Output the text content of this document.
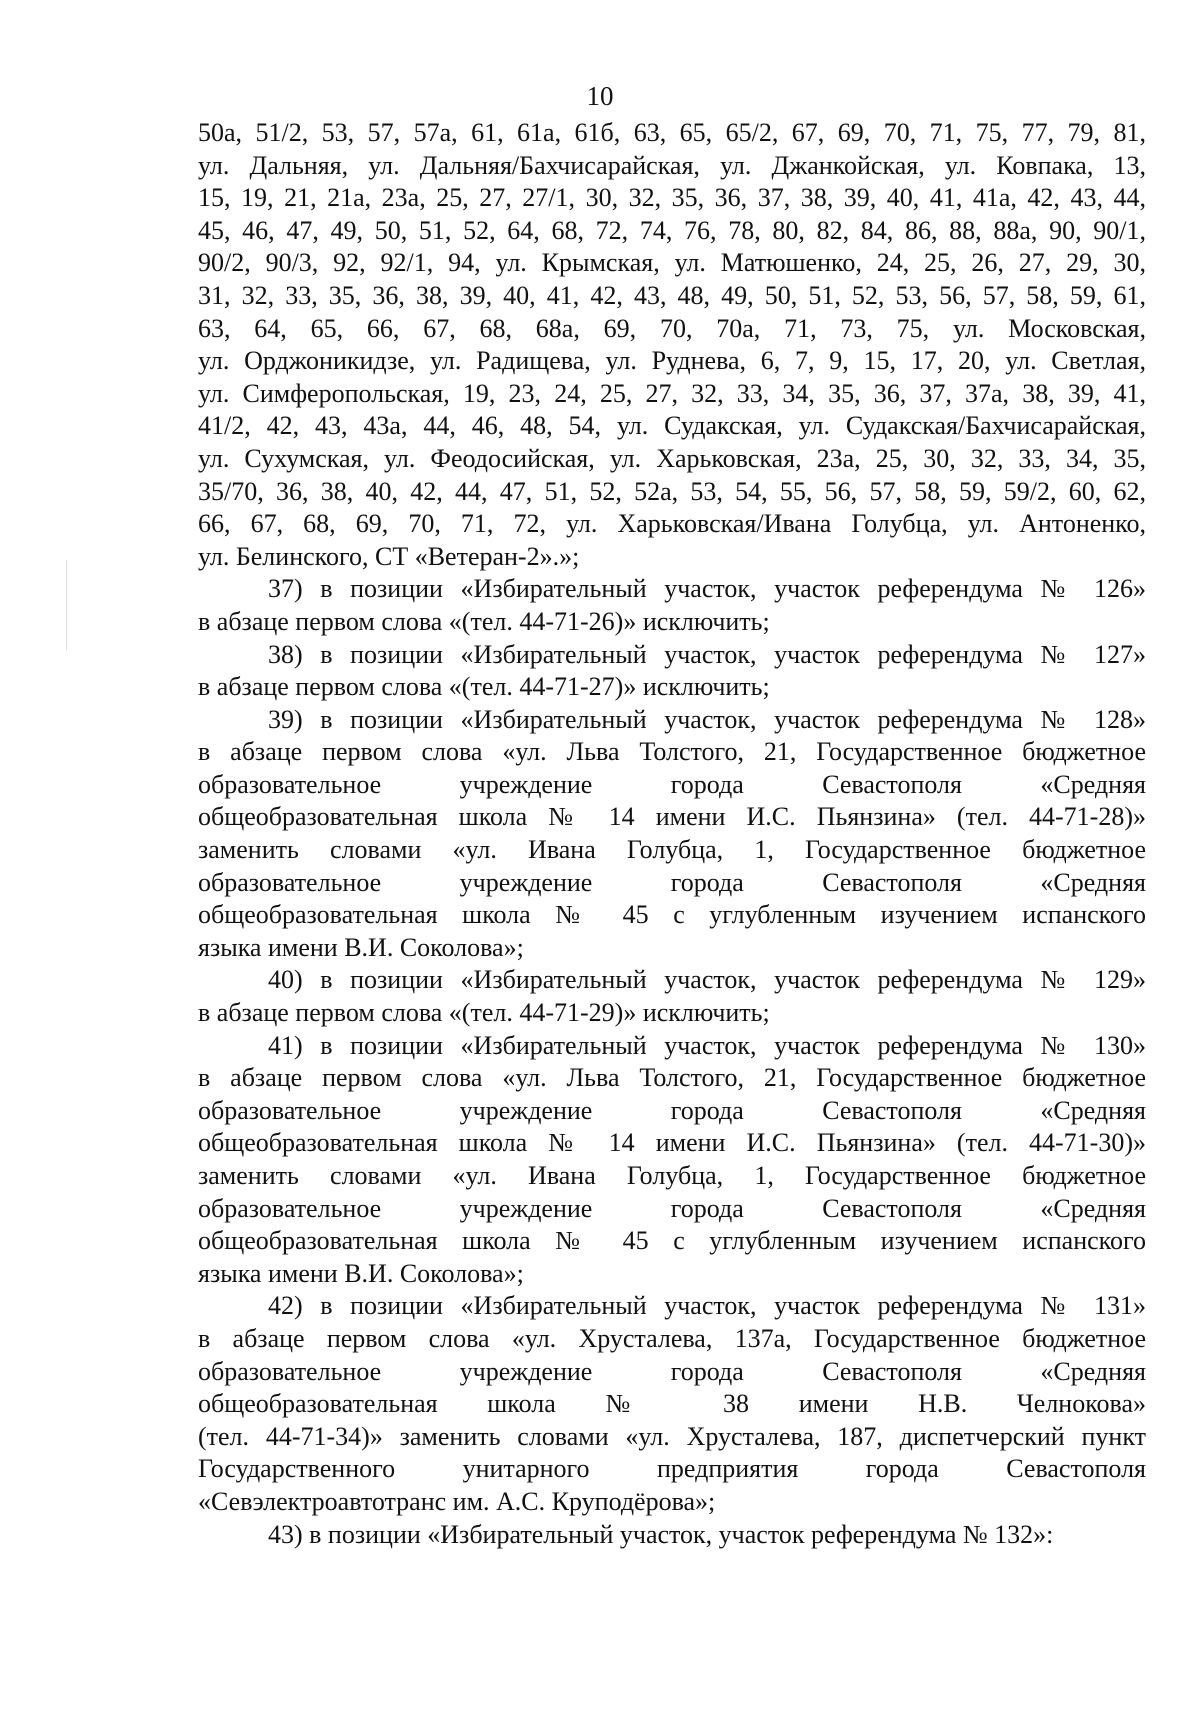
10
50а, 51/2, 53, 57, 57а, 61, 61а, 61б, 63, 65, 65/2, 67, 69, 70, 71, 75, 77, 79, 81,
ул. Дальняя, ул. Дальняя/Бахчисарайская, ул. Джанкойская, ул. Ковпака, 13,
15, 19, 21, 21а, 23а, 25, 27, 27/1, 30, 32, 35, 36, 37, 38, 39, 40, 41, 41а, 42, 43, 44,
45, 46, 47, 49, 50, 51, 52, 64, 68, 72, 74, 76, 78, 80, 82, 84, 86, 88, 88а, 90, 90/1,
90/2, 90/3, 92, 92/1, 94, ул. Крымская, ул. Матюшенко, 24, 25, 26, 27, 29, 30,
31, 32, 33, 35, 36, 38, 39, 40, 41, 42, 43, 48, 49, 50, 51, 52, 53, 56, 57, 58, 59, 61,
63, 64, 65, 66, 67, 68, 68а, 69, 70, 70а, 71, 73, 75, ул. Московская,
ул. Орджоникидзе, ул. Радищева, ул. Руднева, 6, 7, 9, 15, 17, 20, ул. Светлая,
ул. Симферопольская, 19, 23, 24, 25, 27, 32, 33, 34, 35, 36, 37, 37а, 38, 39, 41,
41/2, 42, 43, 43а, 44, 46, 48, 54, ул. Судакская, ул. Судакская/Бахчисарайская,
ул. Сухумская, ул. Феодосийская, ул. Харьковская, 23а, 25, 30, 32, 33, 34, 35,
35/70, 36, 38, 40, 42, 44, 47, 51, 52, 52а, 53, 54, 55, 56, 57, 58, 59, 59/2, 60, 62,
66, 67, 68, 69, 70, 71, 72, ул. Харьковская/Ивана Голубца, ул. Антоненко,
ул. Белинского, СТ «Ветеран-2».»;
37) в позиции «Избирательный участок, участок референдума № 126»
в абзаце первом слова «(тел. 44-71-26)» исключить;
38) в позиции «Избирательный участок, участок референдума № 127»
в абзаце первом слова «(тел. 44-71-27)» исключить;
39) в позиции «Избирательный участок, участок референдума № 128»
в абзаце первом слова «ул. Льва Толстого, 21, Государственное бюджетное
образовательное учреждение города Севастополя «Средняя
общеобразовательная школа № 14 имени И.С. Пьянзина» (тел. 44-71-28)»
заменить словами «ул. Ивана Голубца, 1, Государственное бюджетное
образовательное учреждение города Севастополя «Средняя
общеобразовательная школа № 45 с углубленным изучением испанского
языка имени В.И. Соколова»;
40) в позиции «Избирательный участок, участок референдума № 129»
в абзаце первом слова «(тел. 44-71-29)» исключить;
41) в позиции «Избирательный участок, участок референдума № 130»
в абзаце первом слова «ул. Льва Толстого, 21, Государственное бюджетное
образовательное учреждение города Севастополя «Средняя
общеобразовательная школа № 14 имени И.С. Пьянзина» (тел. 44-71-30)»
заменить словами «ул. Ивана Голубца, 1, Государственное бюджетное
образовательное учреждение города Севастополя «Средняя
общеобразовательная школа № 45 с углубленным изучением испанского
языка имени В.И. Соколова»;
42) в позиции «Избирательный участок, участок референдума № 131»
в абзаце первом слова «ул. Хрусталева, 137а, Государственное бюджетное
образовательное учреждение города Севастополя «Средняя
общеобразовательная школа № 38 имени Н.В. Челнокова»
(тел. 44-71-34)» заменить словами «ул. Хрусталева, 187, диспетчерский пункт
Государственного унитарного предприятия города Севастополя
«Севэлектроавтотранс им. А.С. Круподёрова»;
43) в позиции «Избирательный участок, участок референдума № 132»:
